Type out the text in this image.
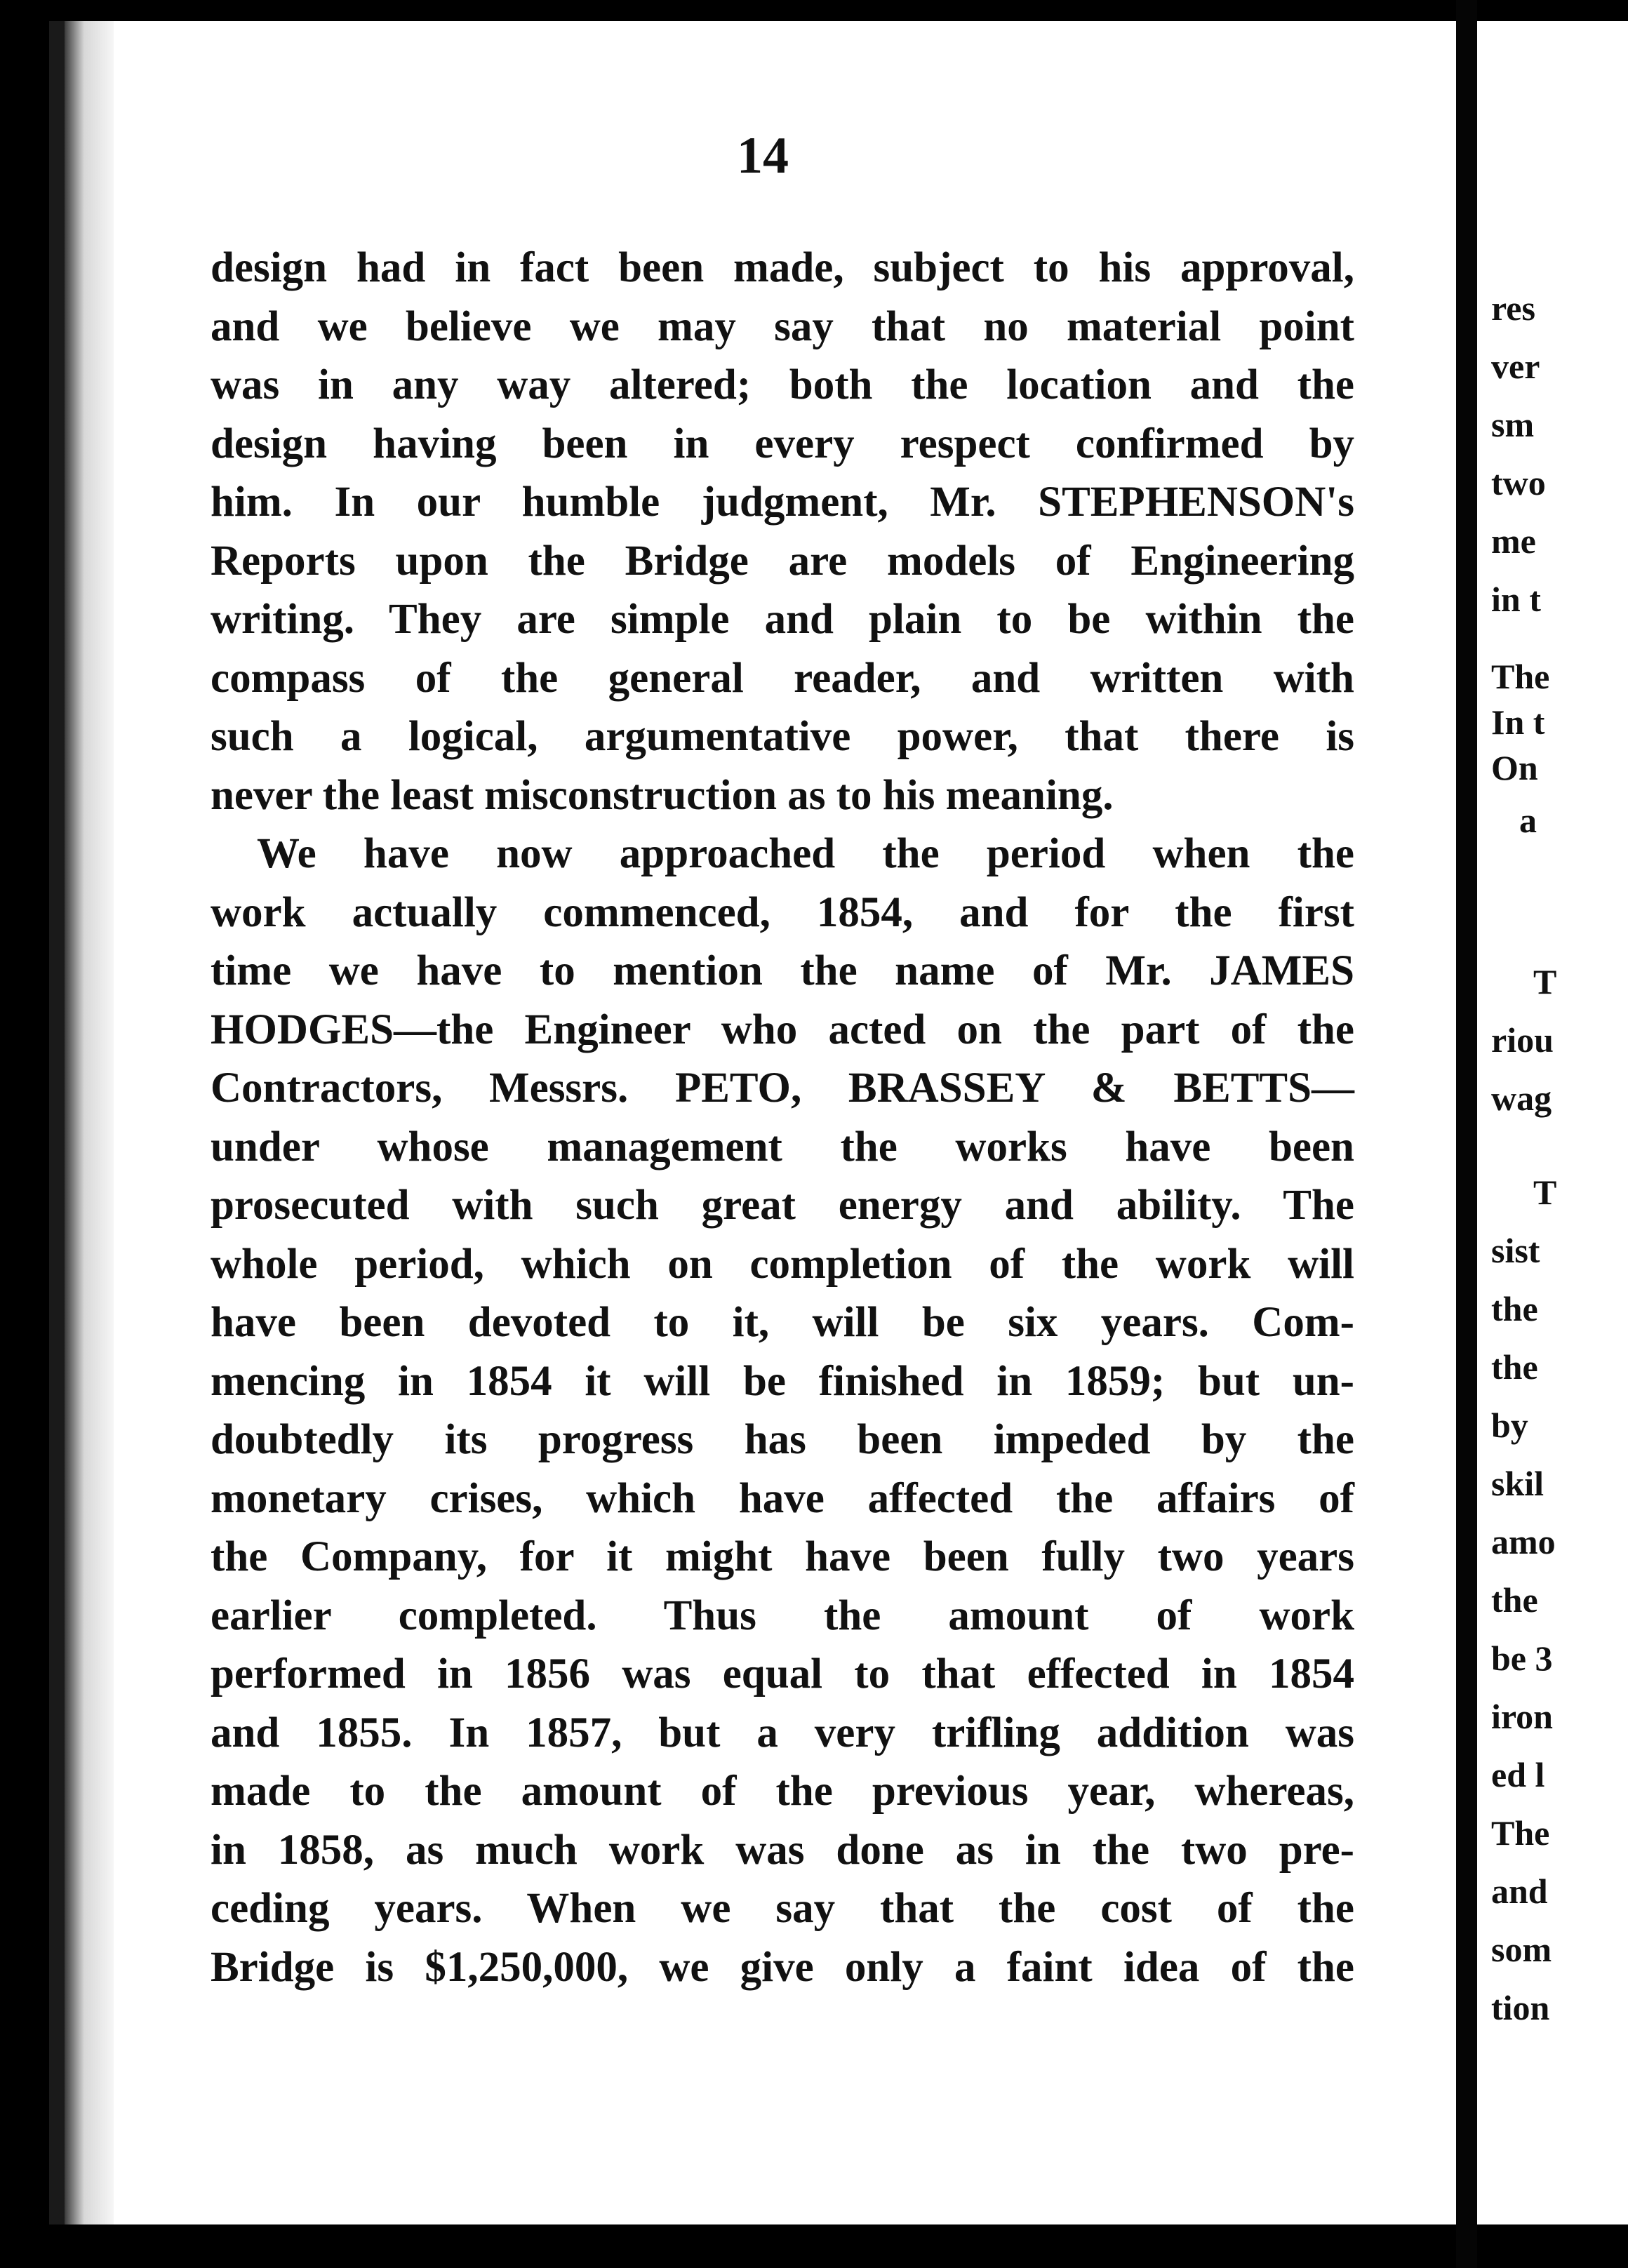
res
ver
sm
two
me
in t
The
In t
On
a
T
riou
wag
T
sist
the
the
by
skil
amo
the
be 3
iron
ed l
The
and
som
tion
14
design had in fact been made, subject to his approval,
and we believe we may say that no material point
was in any way altered; both the location and the
design having been in every respect confirmed by
him. In our humble judgment, Mr. STEPHENSON's
Reports upon the Bridge are models of Engineering
writing. They are simple and plain to be within the
compass of the general reader, and written with
such a logical, argumentative power, that there is
never the least misconstruction as to his meaning.
We have now approached the period when the
work actually commenced, 1854, and for the first
time we have to mention the name of Mr. JAMES
HODGES—the Engineer who acted on the part of the
Contractors, Messrs. PETO, BRASSEY & BETTS—
under whose management the works have been
prosecuted with such great energy and ability. The
whole period, which on completion of the work will
have been devoted to it, will be six years. Com-
mencing in 1854 it will be finished in 1859; but un-
doubtedly its progress has been impeded by the
monetary crises, which have affected the affairs of
the Company, for it might have been fully two years
earlier completed. Thus the amount of work
performed in 1856 was equal to that effected in 1854
and 1855. In 1857, but a very trifling addition was
made to the amount of the previous year, whereas,
in 1858, as much work was done as in the two pre-
ceding years. When we say that the cost of the
Bridge is $1,250,000, we give only a faint idea of the
